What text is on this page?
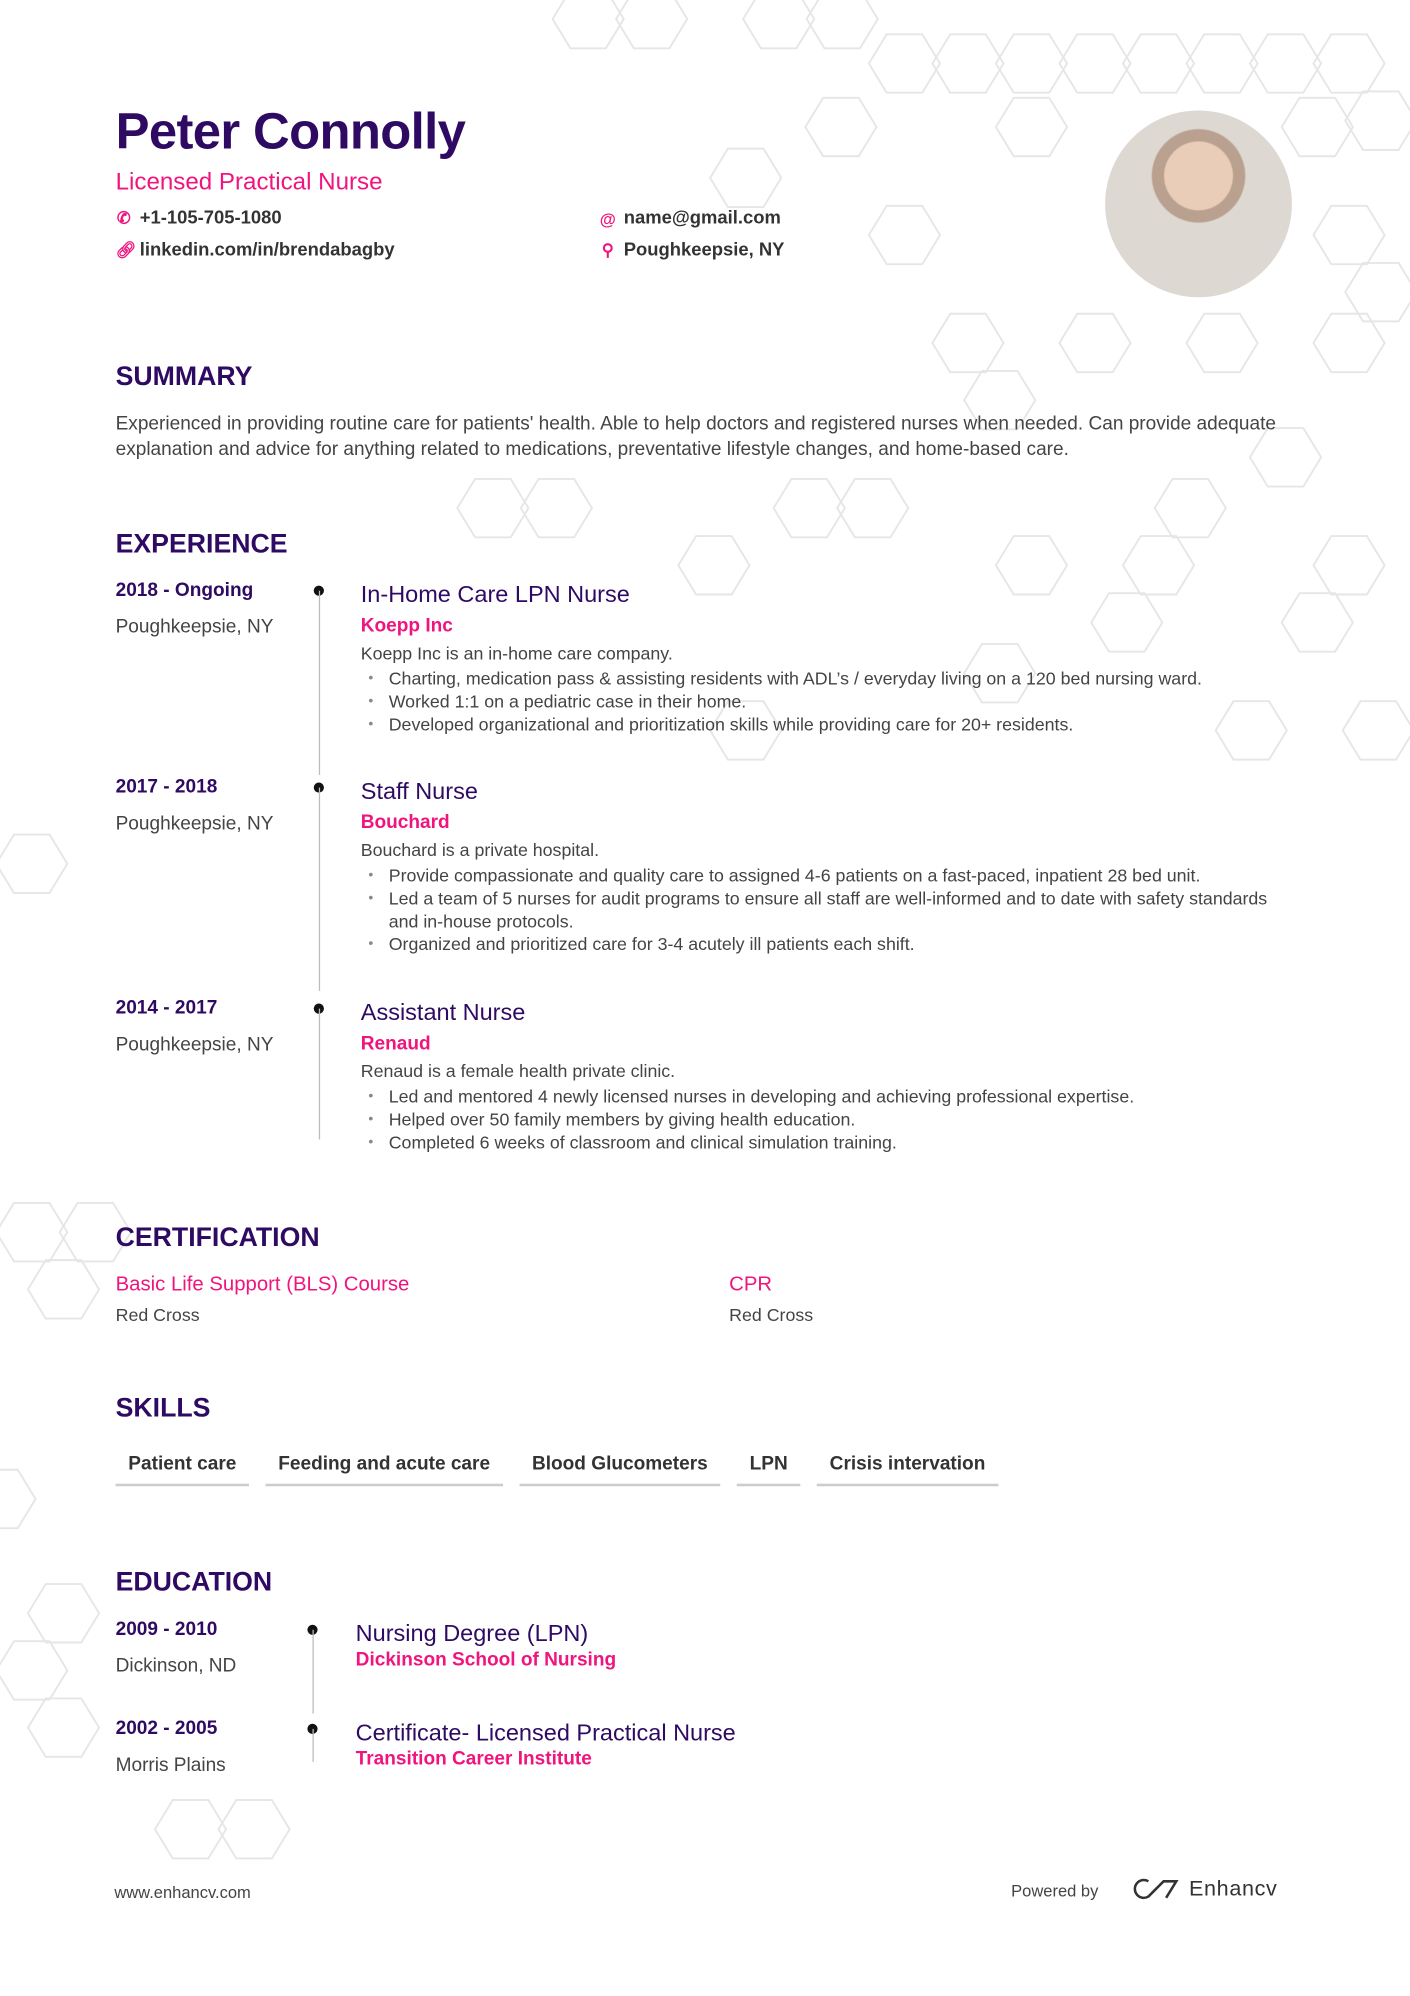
Peter Connolly
Licensed Practical Nurse
✆ +1-105-705-1080
🔗︎ linkedin.com/in/brendabagby
@ name@gmail.com
⚲ Poughkeepsie, NY
SUMMARY
Experienced in providing routine care for patients' health. Able to help doctors and registered nurses when needed. Can provide adequate explanation and advice for anything related to medications, preventative lifestyle changes, and home-based care.
EXPERIENCE
2018 - Ongoing
Poughkeepsie, NY
In-Home Care LPN Nurse
Koepp Inc
Koepp Inc is an in-home care company.
• Charting, medication pass & assisting residents with ADL’s / everyday living on a 120 bed nursing ward.
• Worked 1:1 on a pediatric case in their home.
• Developed organizational and prioritization skills while providing care for 20+ residents.
2017 - 2018
Poughkeepsie, NY
Staff Nurse
Bouchard
Bouchard is a private hospital.
• Provide compassionate and quality care to assigned 4-6 patients on a fast-paced, inpatient 28 bed unit.
• Led a team of 5 nurses for audit programs to ensure all staff are well-informed and to date with safety standards and in-house protocols.
• Organized and prioritized care for 3-4 acutely ill patients each shift.
2014 - 2017
Poughkeepsie, NY
Assistant Nurse
Renaud
Renaud is a female health private clinic.
• Led and mentored 4 newly licensed nurses in developing and achieving professional expertise.
• Helped over 50 family members by giving health education.
• Completed 6 weeks of classroom and clinical simulation training.
CERTIFICATION
Basic Life Support (BLS) Course
Red Cross
CPR
Red Cross
SKILLS
Patient care	Feeding and acute care	Blood Glucometers	LPN	Crisis intervation
EDUCATION
2009 - 2010
Dickinson, ND
Nursing Degree (LPN)
Dickinson School of Nursing
2002 - 2005
Morris Plains
Certificate- Licensed Practical Nurse
Transition Career Institute
www.enhancv.com	Powered by	Enhancv
